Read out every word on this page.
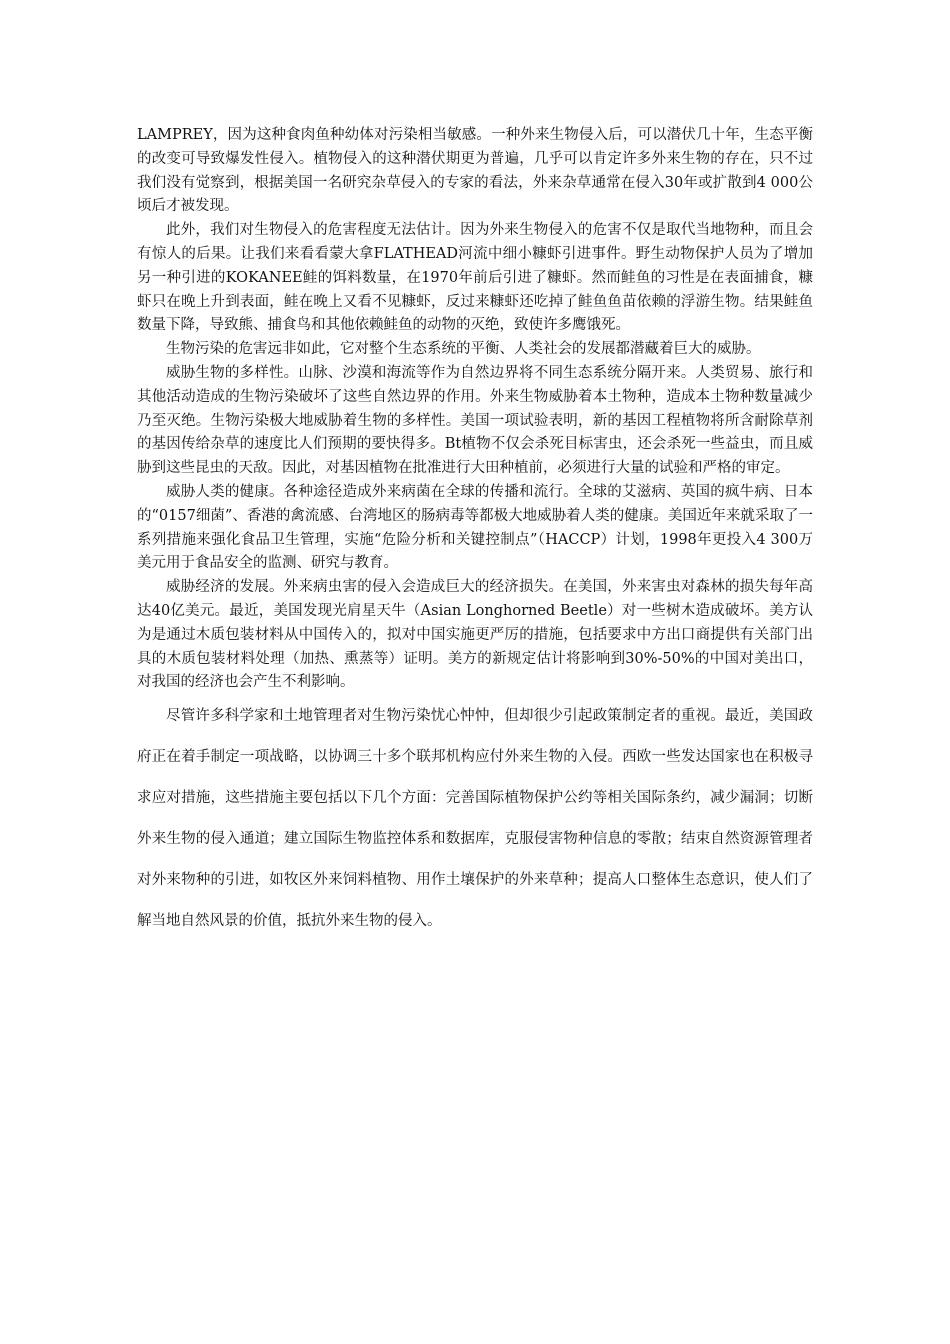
LAMPREY，因为这种食肉鱼种幼体对污染相当敏感。一种外来生物侵入后，可以潜伏几十年，生态平衡的改变可导致爆发性侵入。植物侵入的这种潜伏期更为普遍，几乎可以肯定许多外来生物的存在，只不过我们没有觉察到，根据美国一名研究杂草侵入的专家的看法，外来杂草通常在侵入30年或扩散到4 000公顷后才被发现。

此外，我们对生物侵入的危害程度无法估计。因为外来生物侵入的危害不仅是取代当地物种，而且会有惊人的后果。让我们来看看蒙大拿FLATHEAD河流中细小糠虾引进事件。野生动物保护人员为了增加另一种引进的KOKANEE鲑的饵料数量，在1970年前后引进了糠虾。然而鲑鱼的习性是在表面捕食，糠虾只在晚上升到表面，鲑在晚上又看不见糠虾，反过来糠虾还吃掉了鲑鱼鱼苗依赖的浮游生物。结果鲑鱼数量下降，导致熊、捕食鸟和其他依赖鲑鱼的动物的灭绝，致使许多鹰饿死。

生物污染的危害远非如此，它对整个生态系统的平衡、人类社会的发展都潜藏着巨大的威胁。

威胁生物的多样性。山脉、沙漠和海流等作为自然边界将不同生态系统分隔开来。人类贸易、旅行和其他活动造成的生物污染破坏了这些自然边界的作用。外来生物威胁着本土物种，造成本土物种数量减少乃至灭绝。生物污染极大地威胁着生物的多样性。美国一项试验表明，新的基因工程植物将所含耐除草剂的基因传给杂草的速度比人们预期的要快得多。Bt植物不仅会杀死目标害虫，还会杀死一些益虫，而且威胁到这些昆虫的天敌。因此，对基因植物在批准进行大田种植前，必须进行大量的试验和严格的审定。

威胁人类的健康。各种途径造成外来病菌在全球的传播和流行。全球的艾滋病、英国的疯牛病、日本的“0157细菌”、香港的禽流感、台湾地区的肠病毒等都极大地威胁着人类的健康。美国近年来就采取了一系列措施来强化食品卫生管理，实施“危险分析和关键控制点”（HACCP）计划，1998年更投入4 300万美元用于食品安全的监测、研究与教育。

威胁经济的发展。外来病虫害的侵入会造成巨大的经济损失。在美国，外来害虫对森林的损失每年高达40亿美元。最近，美国发现光肩星天牛（Asian Longhorned Beetle）对一些树木造成破坏。美方认为是通过木质包装材料从中国传入的，拟对中国实施更严厉的措施，包括要求中方出口商提供有关部门出具的木质包装材料处理（加热、熏蒸等）证明。美方的新规定估计将影响到30%-50%的中国对美出口，对我国的经济也会产生不利影响。

尽管许多科学家和土地管理者对生物污染忧心忡忡，但却很少引起政策制定者的重视。最近，美国政府正在着手制定一项战略，以协调三十多个联邦机构应付外来生物的入侵。西欧一些发达国家也在积极寻求应对措施，这些措施主要包括以下几个方面：完善国际植物保护公约等相关国际条约，减少漏洞；切断外来生物的侵入通道；建立国际生物监控体系和数据库，克服侵害物种信息的零散；结束自然资源管理者对外来物种的引进，如牧区外来饲料植物、用作土壤保护的外来草种；提高人口整体生态意识，使人们了解当地自然风景的价值，抵抗外来生物的侵入。
